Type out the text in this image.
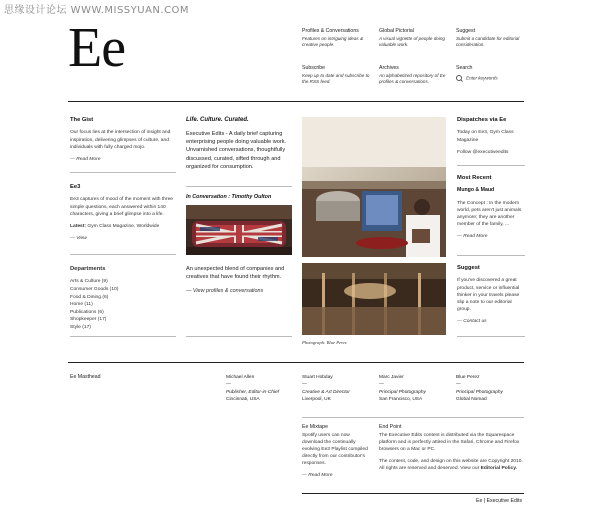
思缘设计论坛 WWW.MISSYUAN.COM
Ee	Profiles & Conversations
Features on intriguing ideas & creative people.
Global Pictorial
A visual vignette of people doing valuable work.
Suggest
Submit a candidate for editorial consideration.
Subscribe
Keep up to date and subscribe to the RSS feed.
Archives
An alphabetized repository of Ee profiles & conversations.
Search
Enter keywords
The Gist
Our focus lies at the intersection of insight and inspiration, delivering glimpses of culture, and individuals with fully charged mojo.
— Read More
Ee3
Ee3 captures of mood of the moment with three simple questions, each answered within 140 characters, giving a brief glimpse into a life.
Latest: Gym Class Magazine, Worldwide
— View
Departments
Arts & Culture (9)
Consumer Goods (10)
Food & Dining (6)
Home (11)
Publications (6)
Shopkeeper (17)
Style (17)
Life. Culture. Curated.
Executive Edits - A daily brief capturing enterprising people doing valuable work. Unvarnished conversations, thoughtfully discussed, curated, sifted through and organized for consumption.
In Conversation : Timothy Oulton
An unexpected blend of companies and creatives that have found their rhythm.
— View profiles & conversations
Photograph: Blue Perez
Dispatches via Ee
Today on Ee3, Gym Class Magazine
Follow @executiveedits
Most Recent
Mungo & Maud
The Concept : In the modern world, pets aren't just animals anymore; they are another member of the family, ...
— Read More
Suggest
If you've discovered a great product, service or influential thinker in your travels please slip a note to our editorial group.
— Contact us
Ee Masthead	Michael Allen
—
Publisher, Editor-in-Chief
Cincinnati, USA
Stuart Hobday
—
Creative & Art Director
Liverpool, UK
Marc Javier
—
Principal Photography
San Francisco, USA
Blue Perez
—
Principal Photography
Global Nomad
Ee Mixtape
Spotify users can now download the continually evolving Ee3 Playlist compiled directly from our contributor's responses.
— Read More
End Point
The Executive Edits content is distributed via the Squarespace platform and is perfectly attired in the Safari, Chrome and Firefox browsers on a Mac or PC.
The content, code, and design on this website are Copyright 2010. All rights are reserved and deserved. View our Editorial Policy.
Ee | Executive Edits
